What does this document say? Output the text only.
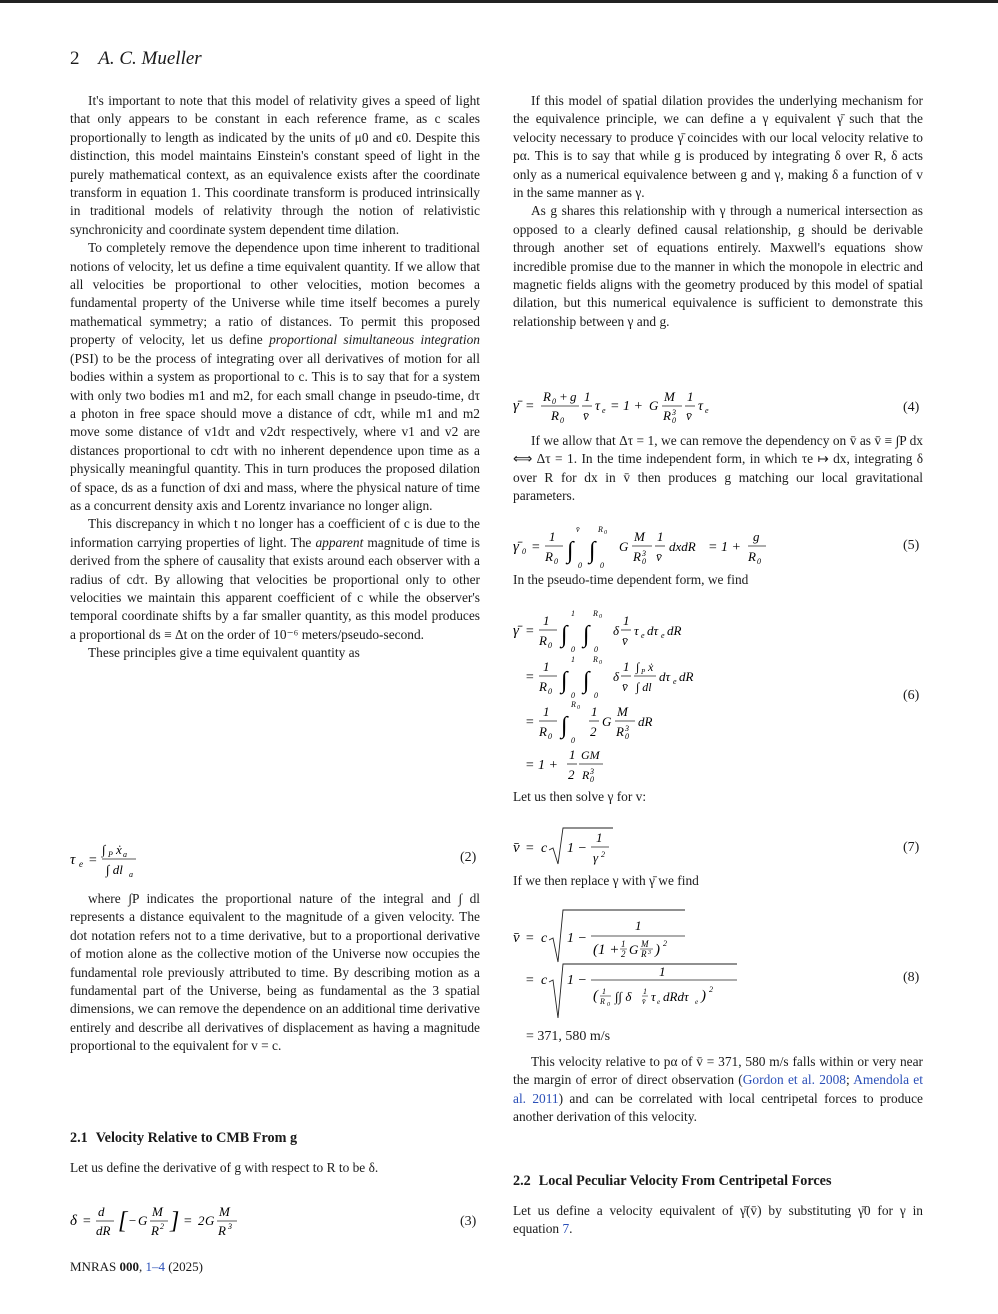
2 A. C. Mueller

It's important to note that this model of relativity gives a speed of light that only appears to be constant in each reference frame, as c scales proportionally to length as indicated by the units of μ0 and ϵ0. Despite this distinction, this model maintains Einstein's constant speed of light in the purely mathematical context, as an equivalence exists after the coordinate transform in equation 1. This coordinate transform is produced intrinsically in traditional models of relativity through the notion of relativistic synchronicity and coordinate system dependent time dilation.

To completely remove the dependence upon time inherent to traditional notions of velocity, let us define a time equivalent quantity. If we allow that all velocities be proportional to other velocities, motion becomes a fundamental property of the Universe while time itself becomes a purely mathematical symmetry; a ratio of distances. To permit this proposed property of velocity, let us define proportional simultaneous integration (PSI) to be the process of integrating over all derivatives of motion for all bodies within a system as proportional to c. This is to say that for a system with only two bodies m1 and m2, for each small change in pseudo-time, dτ a photon in free space should move a distance of cdτ, while m1 and m2 move some distance of v1dτ and v2dτ respectively, where v1 and v2 are distances proportional to cdτ with no inherent dependence upon time as a physically meaningful quantity. This in turn produces the proposed dilation of space, ds as a function of dxi and mass, where the physical nature of time as a concurrent density axis and Lorentz invariance no longer align.

This discrepancy in which t no longer has a coefficient of c is due to the information carrying properties of light. The apparent magnitude of time is derived from the sphere of causality that exists around each observer with a radius of cdτ. By allowing that velocities be proportional only to other velocities we maintain this apparent coefficient of c while the observer's temporal coordinate shifts by a far smaller quantity, as this model produces a proportional ds ≡ Δt on the order of 10⁻⁶ meters/pseudo-second.

These principles give a time equivalent quantity as

τ e =
∫ P ẋ a
∫ dl a
(2)
where ∫P indicates the proportional nature of the integral and ∫ dl represents a distance equivalent to the magnitude of a given velocity. The dot notation refers not to a time derivative, but to a proportional derivative of motion alone as the collective motion of the Universe now occupies the fundamental role previously attributed to time. By describing motion as a fundamental part of the Universe, being as fundamental as the 3 spatial dimensions, we can remove the dependence on an additional time derivative entirely and describe all derivatives of displacement as having a magnitude proportional to the equivalent for v = c.
2.1 Velocity Relative to CMB From g
Let us define the derivative of g with respect to R to be δ.
δ =
d
dR [ − G
M
R 2 ] = 2 G
M
R 3	(3)

If this model of spatial dilation provides the underlying mechanism for the equivalence principle, we can define a γ equivalent γ̄ such that the velocity necessary to produce γ̄ coincides with our local velocity relative to pα. This is to say that while g is produced by integrating δ over R, δ acts only as a numerical equivalence between g and γ, making δ a function of v in the same manner as γ.

As g shares this relationship with γ through a numerical intersection as opposed to a clearly defined causal relationship, g should be derivable through another set of equations entirely. Maxwell's equations show incredible promise due to the manner in which the monopole in electric and magnetic fields aligns with the geometry produced by this model of spatial dilation, but this numerical equivalence is sufficient to demonstrate this relationship between γ and g.

γ̄ =
R 0 + g
R 0
1
v̄
τ e = 1 + G
M
R 3
0
1
v̄
τ e	(4)
If we allow that Δτ = 1, we can remove the dependency on v̄ as v̄ ≡ ∫P dx ⟺ Δτ = 1. In the time independent form, in which τe ↦ dx, integrating δ over R for dx in v̄ then produces g matching our local gravitational parameters.
γ̄ 0 =
1
R 0 ∫
v̄
0
∫
R 0
0
G
M
R 3
0
1
v̄
dxdR = 1 +
g
R 0
(5)
In the pseudo-time dependent form, we find
γ̄ =
1
R 0 ∫
1
0
∫
R 0
0
δ
1
v̄
τ e dτ e dR
=
1
R 0 ∫
1
0
∫
R 0
0
δ
1
v̄
∫ P ẋ
∫ dl
dτ e dR
=
1
R 0 ∫
R 0
0
1
2
G
M
R 3
0
dR
= 1 +
1
2
GM
R 3
0
(6)
Let us then solve γ for v:
v̄ = c 1 −
1
γ 2	(7)
If we then replace γ with γ̄ we find
v̄ = c 1 −
1
(1 + 1
2 G M
R 3 ) 2
= c 1 −
1
( 1
R 0
∫∫ δ 1
v̄ τ e dRdτ e ) 2
(8)
= 371, 580 m/s
This velocity relative to pα of v̄ = 371, 580 m/s falls within or very near the margin of error of direct observation (Gordon et al. 2008; Amendola et al. 2011) and can be correlated with local centripetal forces to produce another derivation of this velocity.
2.2 Local Peculiar Velocity From Centripetal Forces
Let us define a velocity equivalent of γ̄(v̄) by substituting γ̄0 for γ in equation 7.
MNRAS 000, 1–4 (2025)
